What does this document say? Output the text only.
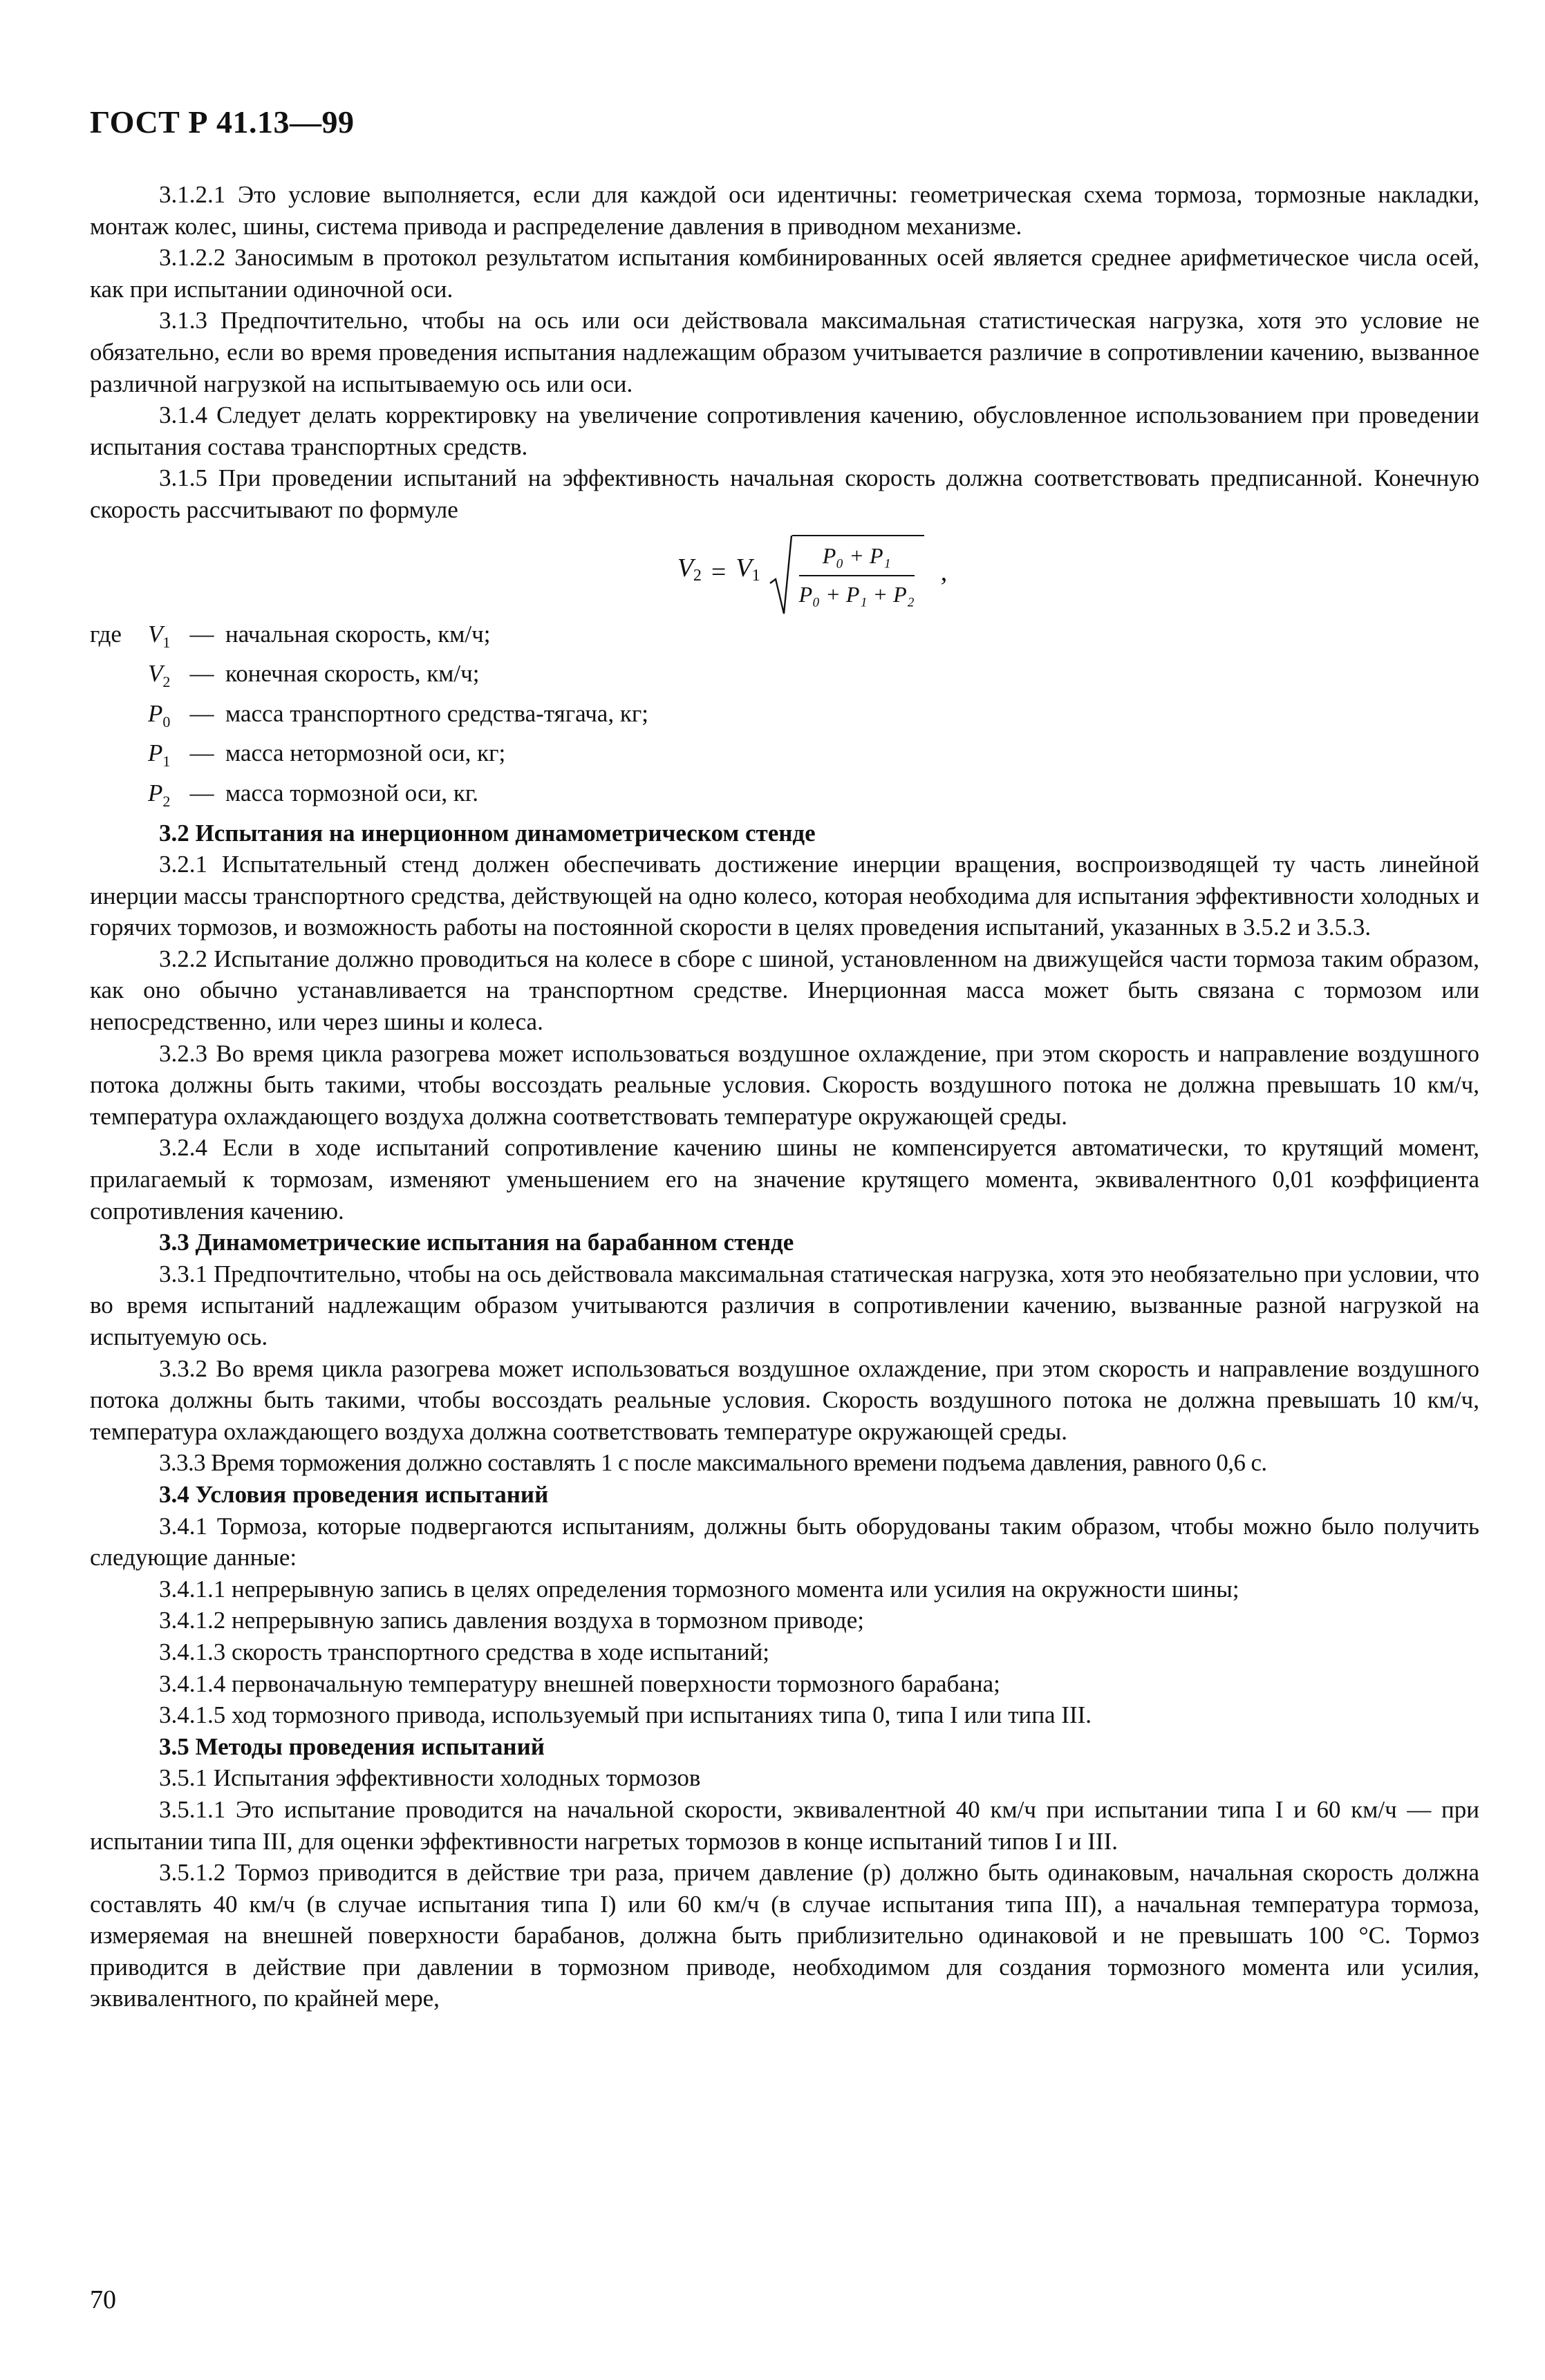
ГОСТ Р 41.13—99

3.1.2.1 Это условие выполняется, если для каждой оси идентичны: геометрическая схема тормоза, тормозные накладки, монтаж колес, шины, система привода и распределение давления в приводном механизме.

3.1.2.2 Заносимым в протокол результатом испытания комбинированных осей является среднее арифметическое числа осей, как при испытании одиночной оси.

3.1.3 Предпочтительно, чтобы на ось или оси действовала максимальная статистическая нагрузка, хотя это условие не обязательно, если во время проведения испытания надлежащим образом учитывается различие в сопротивлении качению, вызванное различной нагрузкой на испытываемую ось или оси.

3.1.4 Следует делать корректировку на увеличение сопротивления качению, обусловленное использованием при проведении испытания состава транспортных средств.

3.1.5 При проведении испытаний на эффективность начальная скорость должна соответствовать предписанной. Конечную скорость рассчитывают по формуле

$V_2 = V_1 \frac{\text{P₀ + P₁}}{\text{P₀ + P₁ + P₂}}$ ,
где	$V_1$	—	начальная скорость, км/ч;
	$V_2$	—	конечная скорость, км/ч;
	$P_0$	—	масса транспортного средства-тягача, кг;
	$P_1$	—	масса нетормозной оси, кг;
	$P_2$	—	масса тормозной оси, кг.

3.2 Испытания на инерционном динамометрическом стенде

3.2.1 Испытательный стенд должен обеспечивать достижение инерции вращения, воспроизводящей ту часть линейной инерции массы транспортного средства, действующей на одно колесо, которая необходима для испытания эффективности холодных и горячих тормозов, и возможность работы на постоянной скорости в целях проведения испытаний, указанных в 3.5.2 и 3.5.3.

3.2.2 Испытание должно проводиться на колесе в сборе с шиной, установленном на движущейся части тормоза таким образом, как оно обычно устанавливается на транспортном средстве. Инерционная масса может быть связана с тормозом или непосредственно, или через шины и колеса.

3.2.3 Во время цикла разогрева может использоваться воздушное охлаждение, при этом скорость и направление воздушного потока должны быть такими, чтобы воссоздать реальные условия. Скорость воздушного потока не должна превышать 10 км/ч, температура охлаждающего воздуха должна соответствовать температуре окружающей среды.

3.2.4 Если в ходе испытаний сопротивление качению шины не компенсируется автоматически, то крутящий момент, прилагаемый к тормозам, изменяют уменьшением его на значение крутящего момента, эквивалентного 0,01 коэффициента сопротивления качению.

3.3 Динамометрические испытания на барабанном стенде

3.3.1 Предпочтительно, чтобы на ось действовала максимальная статическая нагрузка, хотя это необязательно при условии, что во время испытаний надлежащим образом учитываются различия в сопротивлении качению, вызванные разной нагрузкой на испытуемую ось.

3.3.2 Во время цикла разогрева может использоваться воздушное охлаждение, при этом скорость и направление воздушного потока должны быть такими, чтобы воссоздать реальные условия. Скорость воздушного потока не должна превышать 10 км/ч, температура охлаждающего воздуха должна соответствовать температуре окружающей среды.

3.3.3 Время торможения должно составлять 1 с после максимального времени подъема давления, равного 0,6 с.

3.4 Условия проведения испытаний

3.4.1 Тормоза, которые подвергаются испытаниям, должны быть оборудованы таким образом, чтобы можно было получить следующие данные:

3.4.1.1 непрерывную запись в целях определения тормозного момента или усилия на окружности шины;

3.4.1.2 непрерывную запись давления воздуха в тормозном приводе;

3.4.1.3 скорость транспортного средства в ходе испытаний;

3.4.1.4 первоначальную температуру внешней поверхности тормозного барабана;

3.4.1.5 ход тормозного привода, используемый при испытаниях типа 0, типа I или типа III.

3.5 Методы проведения испытаний

3.5.1 Испытания эффективности холодных тормозов

3.5.1.1 Это испытание проводится на начальной скорости, эквивалентной 40 км/ч при испытании типа I и 60 км/ч — при испытании типа III, для оценки эффективности нагретых тормозов в конце испытаний типов I и III.

3.5.1.2 Тормоз приводится в действие три раза, причем давление (р) должно быть одинаковым, начальная скорость должна составлять 40 км/ч (в случае испытания типа I) или 60 км/ч (в случае испытания типа III), а начальная температура тормоза, измеряемая на внешней поверхности барабанов, должна быть приблизительно одинаковой и не превышать 100 °С. Тормоз приводится в действие при давлении в тормозном приводе, необходимом для создания тормозного момента или усилия, эквивалентного, по крайней мере,

70
